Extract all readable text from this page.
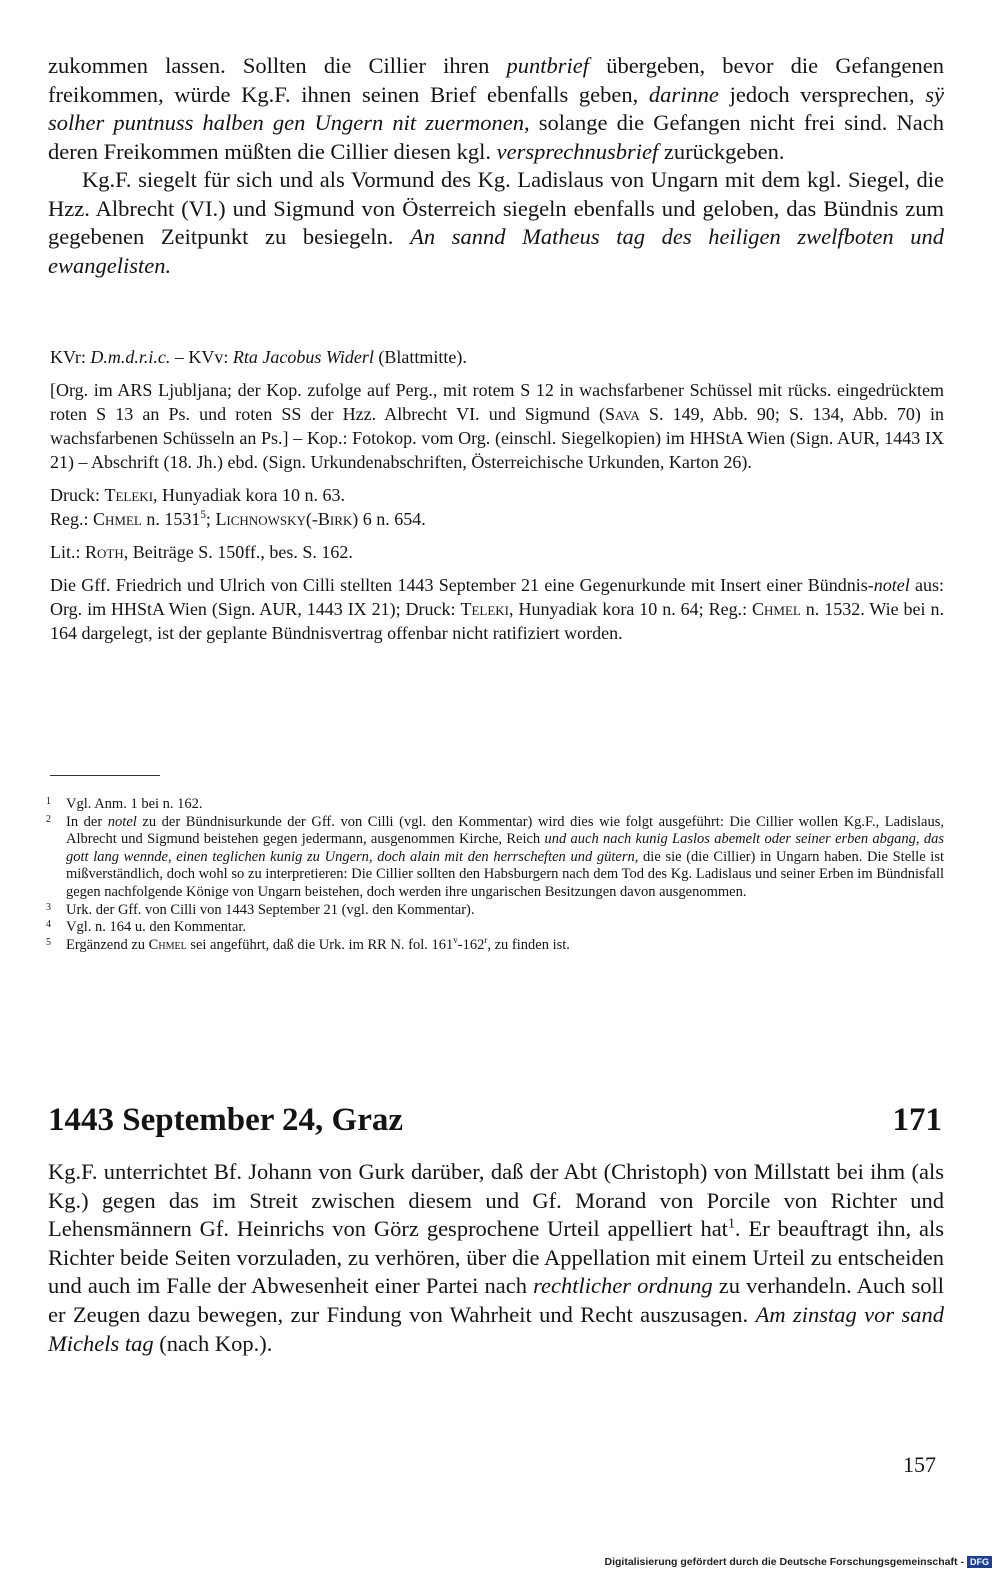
zukommen lassen. Sollten die Cillier ihren puntbrief übergeben, bevor die Gefangenen freikommen, würde Kg.F. ihnen seinen Brief ebenfalls geben, darinne jedoch versprechen, sÿ solher puntnuss halben gen Ungern nit zuermonen, solange die Gefangen nicht frei sind. Nach deren Freikommen müßten die Cillier diesen kgl. versprechnusbrief zurückgeben.

Kg.F. siegelt für sich und als Vormund des Kg. Ladislaus von Ungarn mit dem kgl. Siegel, die Hzz. Albrecht (VI.) und Sigmund von Österreich siegeln ebenfalls und geloben, das Bündnis zum gegebenen Zeitpunkt zu besiegeln. An sannd Matheus tag des heiligen zwelfboten und ewangelisten.

KVr: D.m.d.r.i.c. – KVv: Rta Jacobus Widerl (Blattmitte).

[Org. im ARS Ljubljana; der Kop. zufolge auf Perg., mit rotem S 12 in wachsfarbener Schüssel mit rücks. eingedrücktem roten S 13 an Ps. und roten SS der Hzz. Albrecht VI. und Sigmund (Sava S. 149, Abb. 90; S. 134, Abb. 70) in wachsfarbenen Schüsseln an Ps.] – Kop.: Fotokop. vom Org. (einschl. Siegelkopien) im HHStA Wien (Sign. AUR, 1443 IX 21) – Abschrift (18. Jh.) ebd. (Sign. Urkundenabschriften, Österreichische Urkunden, Karton 26).

Druck: Teleki, Hunyadiak kora 10 n. 63.

Reg.: Chmel n. 1531$^5$; Lichnowsky(-Birk) 6 n. 654.

Lit.: Roth, Beiträge S. 150ff., bes. S. 162.

Die Gff. Friedrich und Ulrich von Cilli stellten 1443 September 21 eine Gegenurkunde mit Insert einer Bündnis-notel aus: Org. im HHStA Wien (Sign. AUR, 1443 IX 21); Druck: Teleki, Hunyadiak kora 10 n. 64; Reg.: Chmel n. 1532. Wie bei n. 164 dargelegt, ist der geplante Bündnisvertrag offenbar nicht ratifiziert worden.

1	Vgl. Anm. 1 bei n. 162.
2	In der notel zu der Bündnisurkunde der Gff. von Cilli (vgl. den Kommentar) wird dies wie folgt ausgeführt: Die Cillier wollen Kg.F., Ladislaus, Albrecht und Sigmund beistehen gegen jedermann, ausgenommen Kirche, Reich und auch nach kunig Laslos abemelt oder seiner erben abgang, das gott lang wennde, einen teglichen kunig zu Ungern, doch alain mit den herrscheften und gütern, die sie (die Cillier) in Ungarn haben. Die Stelle ist mißverständlich, doch wohl so zu interpretieren: Die Cillier sollten den Habsburgern nach dem Tod des Kg. Ladislaus und seiner Erben im Bündnisfall gegen nachfolgende Könige von Ungarn beistehen, doch werden ihre ungarischen Besitzungen davon ausgenommen.
3	Urk. der Gff. von Cilli von 1443 September 21 (vgl. den Kommentar).
4	Vgl. n. 164 u. den Kommentar.
5	Ergänzend zu Chmel sei angeführt, daß die Urk. im RR N. fol. 161$^v$-162$^r$, zu finden ist.
1443 September 24, Graz	171

Kg.F. unterrichtet Bf. Johann von Gurk darüber, daß der Abt (Christoph) von Millstatt bei ihm (als Kg.) gegen das im Streit zwischen diesem und Gf. Morand von Porcile von Richter und Lehensmännern Gf. Heinrichs von Görz gesprochene Urteil appelliert hat$^1$. Er beauftragt ihn, als Richter beide Seiten vorzuladen, zu verhören, über die Appellation mit einem Urteil zu entscheiden und auch im Falle der Abwesenheit einer Partei nach rechtlicher ordnung zu verhandeln. Auch soll er Zeugen dazu bewegen, zur Findung von Wahrheit und Recht auszusagen. Am zinstag vor sand Michels tag (nach Kop.).

157
Digitalisierung gefördert durch die Deutsche Forschungsgemeinschaft - DFG
